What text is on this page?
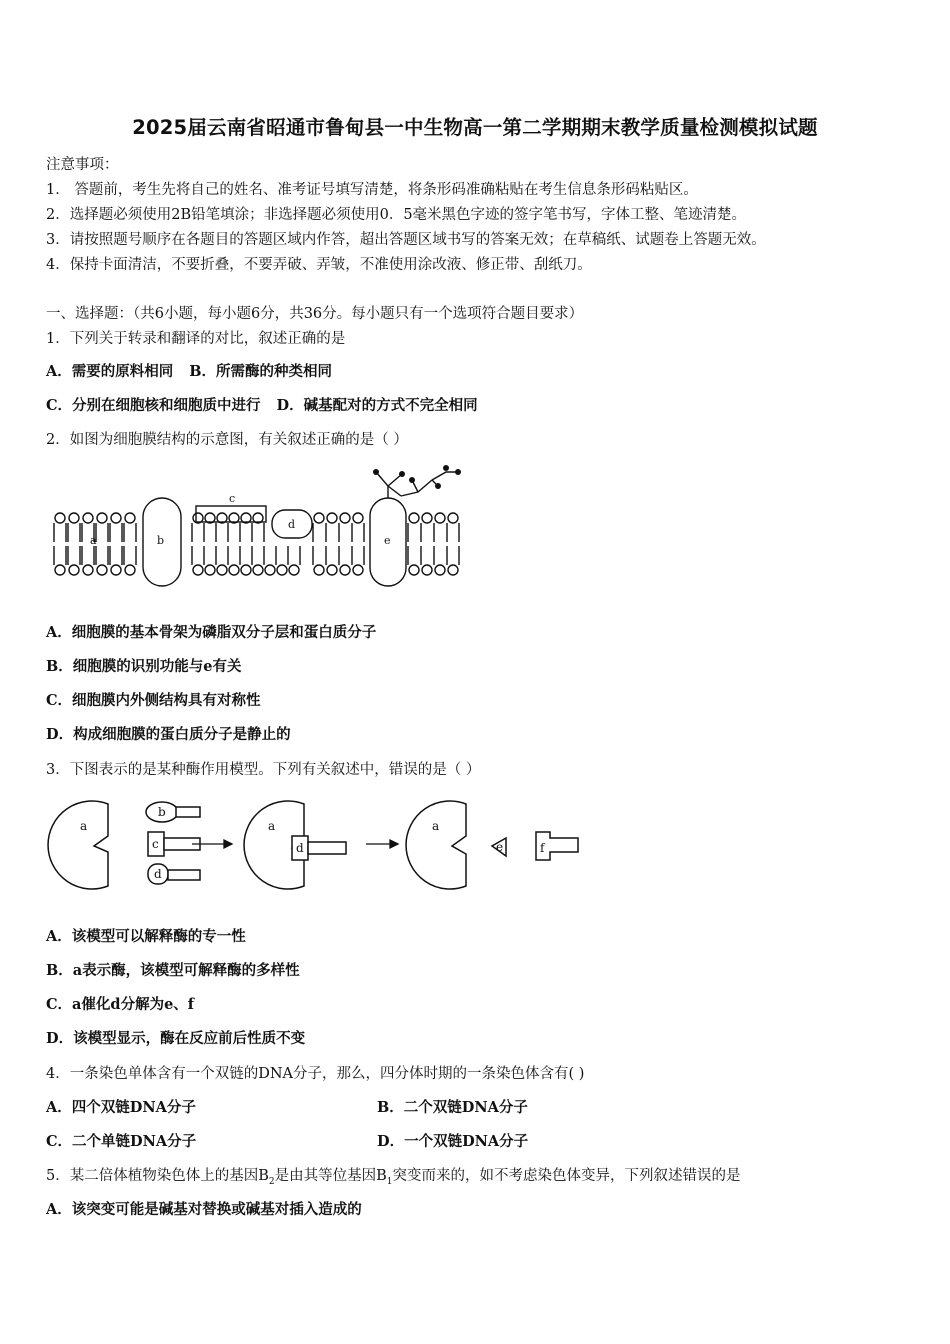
2025届云南省昭通市鲁甸县一中生物高一第二学期期末教学质量检测模拟试题
注意事项：
1． 答题前，考生先将自己的姓名、准考证号填写清楚，将条形码准确粘贴在考生信息条形码粘贴区。
2．选择题必须使用2B铅笔填涂；非选择题必须使用0．5毫米黑色字迹的签字笔书写，字体工整、笔迹清楚。
3．请按照题号顺序在各题目的答题区域内作答，超出答题区域书写的答案无效；在草稿纸、试题卷上答题无效。
4．保持卡面清洁，不要折叠，不要弄破、弄皱，不准使用涂改液、修正带、刮纸刀。
一、选择题：（共6小题，每小题6分，共36分。每小题只有一个选项符合题目要求）
1．下列关于转录和翻译的对比，叙述正确的是
A．需要的原料相同 B．所需酶的种类相同
C．分别在细胞核和细胞质中进行 D．碱基配对的方式不完全相同
2．如图为细胞膜结构的示意图，有关叙述正确的是（ ）
a	b
c
d
e
A．细胞膜的基本骨架为磷脂双分子层和蛋白质分子
B．细胞膜的识别功能与e有关
C．细胞膜内外侧结构具有对称性
D．构成细胞膜的蛋白质分子是静止的
3．下图表示的是某种酶作用模型。下列有关叙述中，错误的是（ ）
a
b
c
d
a
d
a
e	f
A．该模型可以解释酶的专一性
B．a表示酶，该模型可解释酶的多样性
C．a催化d分解为e、f
D．该模型显示，酶在反应前后性质不变
4．一条染色单体含有一个双链的DNA分子，那么，四分体时期的一条染色体含有( )
A．四个双链DNA分子	B．二个双链DNA分子
C．二个单链DNA分子	D．一个双链DNA分子
5．某二倍体植物染色体上的基因$B_2$是由其等位基因$B_1$突变而来的，如不考虑染色体变异，下列叙述错误的是
A．该突变可能是碱基对替换或碱基对插入造成的
